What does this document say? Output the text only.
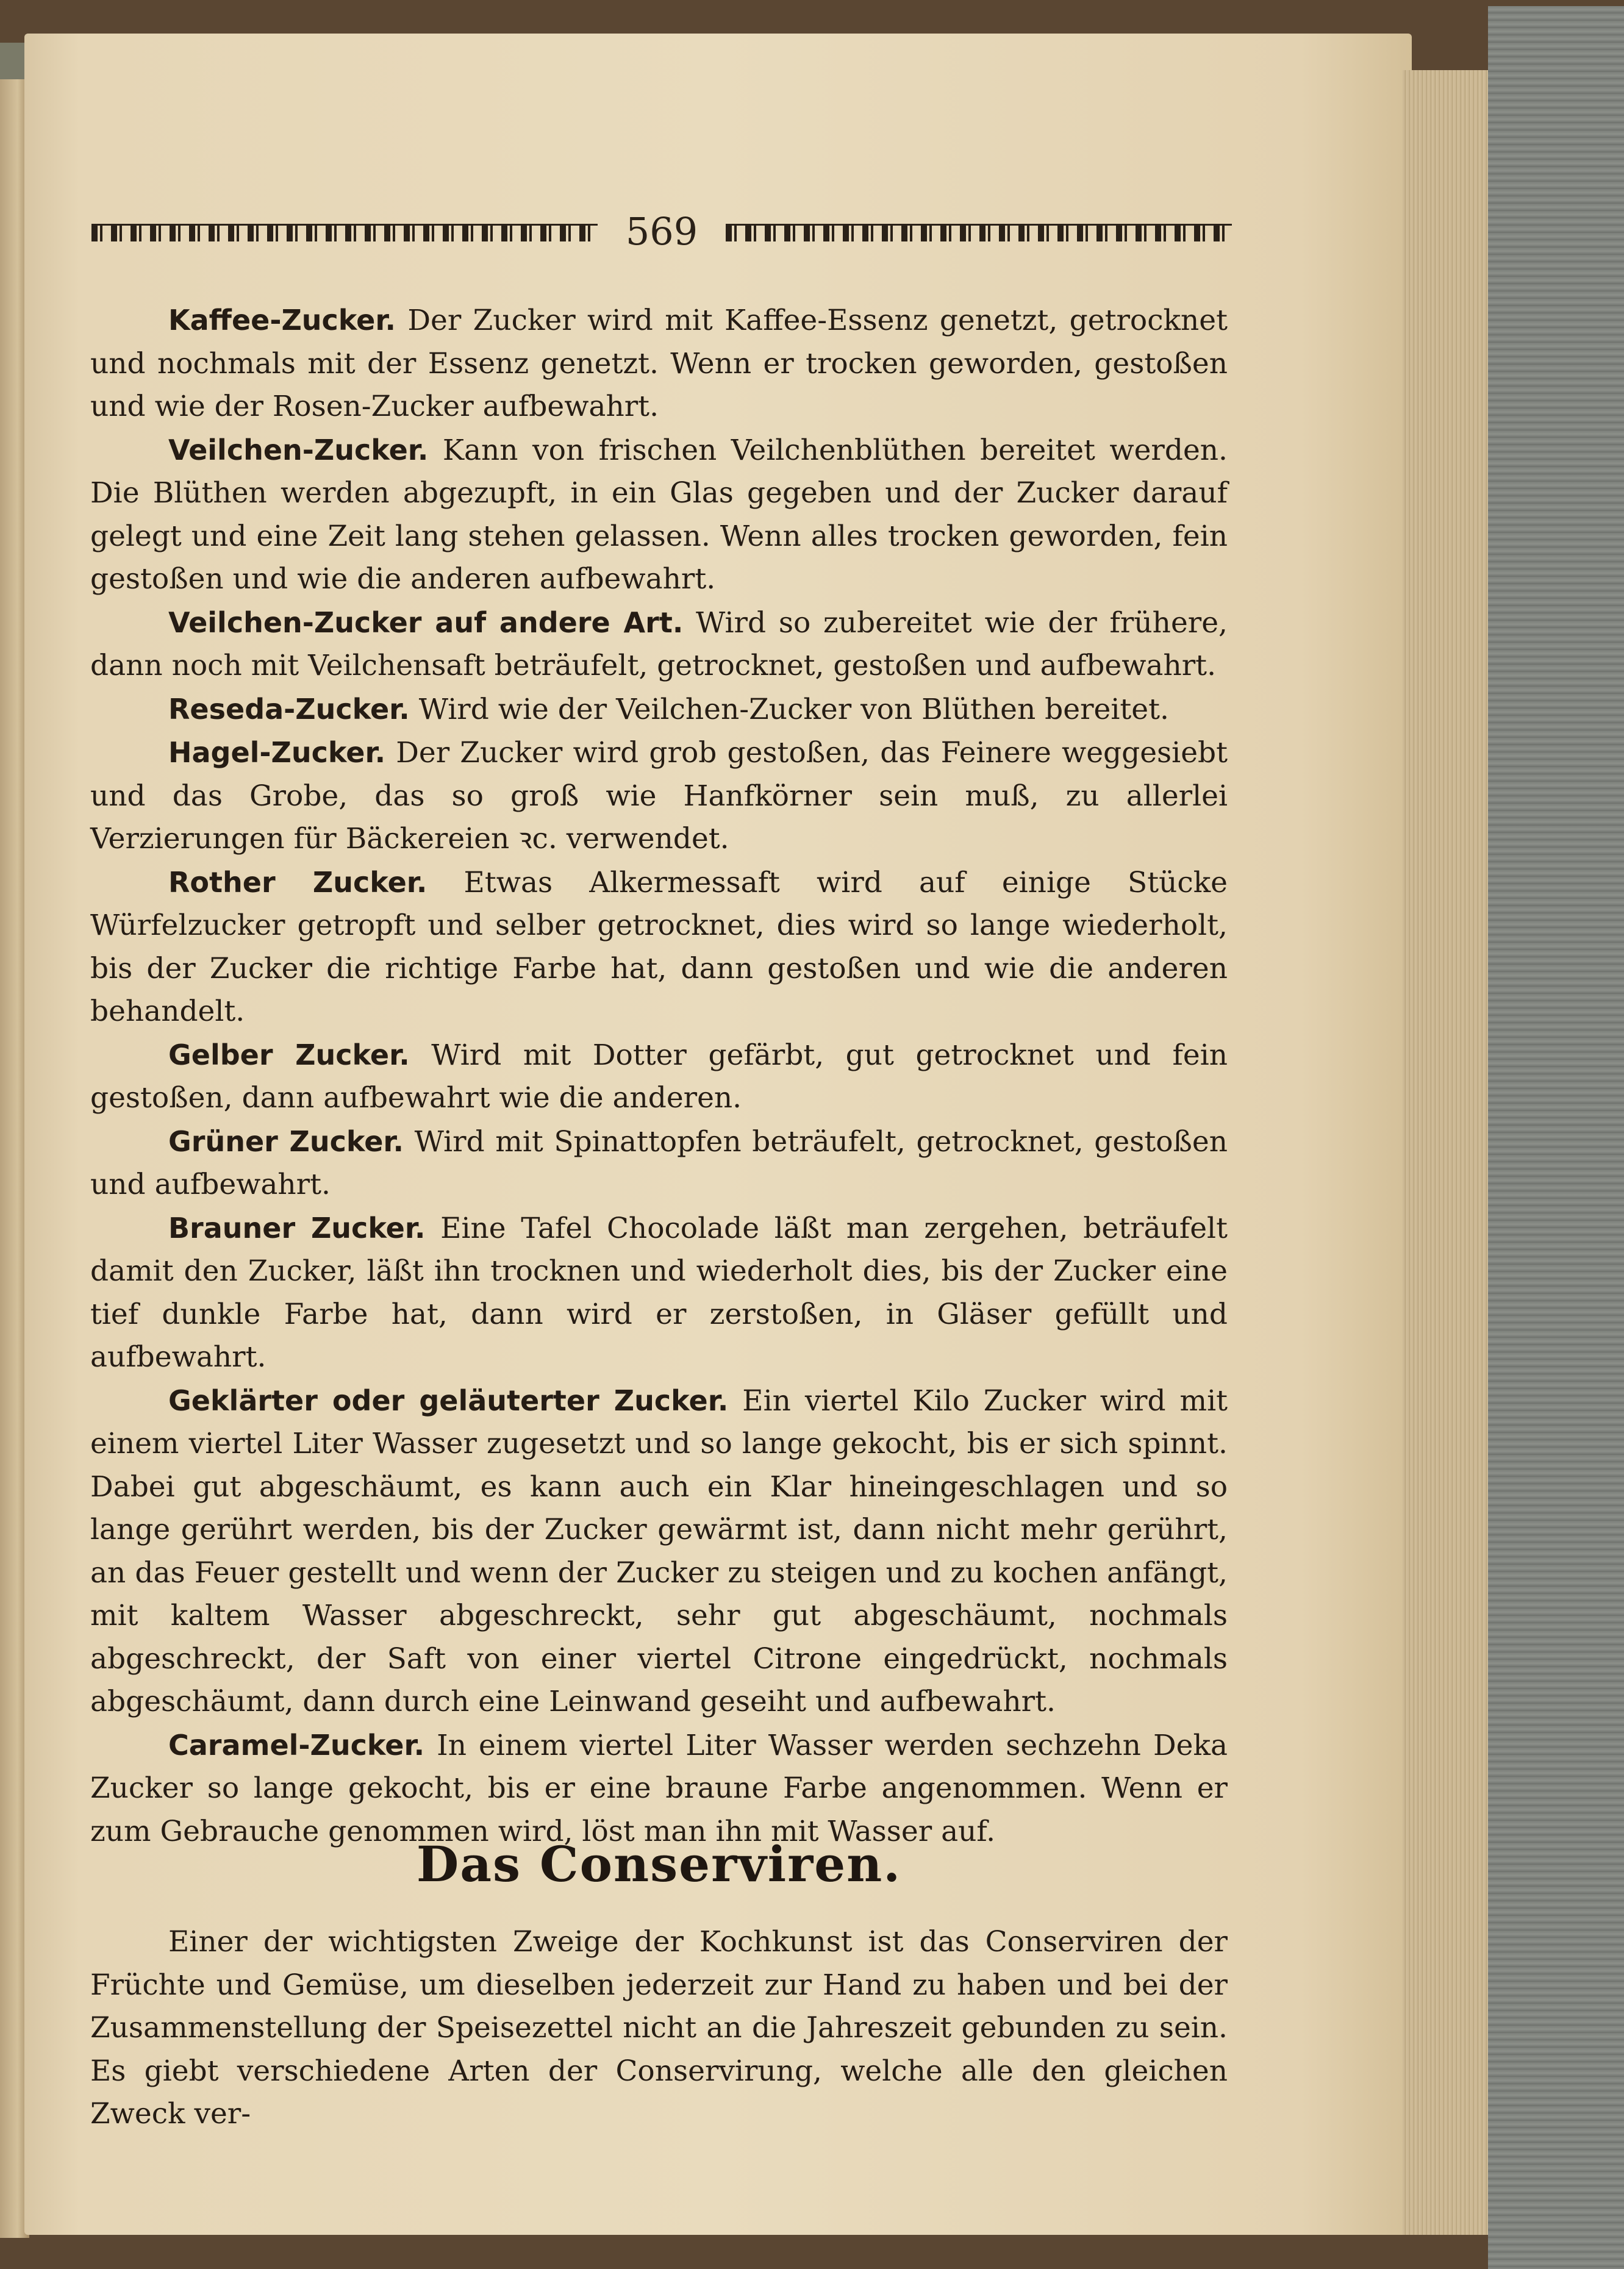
569

Kaffee-Zucker. Der Zucker wird mit Kaffee-Essenz genetzt, getrocknet und nochmals mit der Essenz genetzt. Wenn er trocken geworden, gestoßen und wie der Rosen-Zucker aufbewahrt.

Veilchen-Zucker. Kann von frischen Veilchenblüthen bereitet werden. Die Blüthen werden abgezupft, in ein Glas gegeben und der Zucker darauf gelegt und eine Zeit lang stehen gelassen. Wenn alles trocken geworden, fein gestoßen und wie die anderen aufbewahrt.

Veilchen-Zucker auf andere Art. Wird so zubereitet wie der frühere, dann noch mit Veilchensaft beträufelt, getrocknet, gestoßen und aufbewahrt.

Reseda-Zucker. Wird wie der Veilchen-Zucker von Blüthen bereitet.

Hagel-Zucker. Der Zucker wird grob gestoßen, das Feinere weggesiebt und das Grobe, das so groß wie Hanfkörner sein muß, zu allerlei Verzierungen für Bäckereien ꝛc. verwendet.

Rother Zucker. Etwas Alkermessaft wird auf einige Stücke Würfelzucker getropft und selber getrocknet, dies wird so lange wiederholt, bis der Zucker die richtige Farbe hat, dann gestoßen und wie die anderen behandelt.

Gelber Zucker. Wird mit Dotter gefärbt, gut getrocknet und fein gestoßen, dann aufbewahrt wie die anderen.

Grüner Zucker. Wird mit Spinattopfen beträufelt, getrocknet, gestoßen und aufbewahrt.

Brauner Zucker. Eine Tafel Chocolade läßt man zergehen, beträufelt damit den Zucker, läßt ihn trocknen und wiederholt dies, bis der Zucker eine tief dunkle Farbe hat, dann wird er zerstoßen, in Gläser gefüllt und aufbewahrt.

Geklärter oder geläuterter Zucker. Ein viertel Kilo Zucker wird mit einem viertel Liter Wasser zugesetzt und so lange gekocht, bis er sich spinnt. Dabei gut abgeschäumt, es kann auch ein Klar hineingeschlagen und so lange gerührt werden, bis der Zucker gewärmt ist, dann nicht mehr gerührt, an das Feuer gestellt und wenn der Zucker zu steigen und zu kochen anfängt, mit kaltem Wasser abgeschreckt, sehr gut abgeschäumt, nochmals abgeschreckt, der Saft von einer viertel Citrone eingedrückt, nochmals abgeschäumt, dann durch eine Leinwand geseiht und aufbewahrt.

Caramel-Zucker. In einem viertel Liter Wasser werden sechzehn Deka Zucker so lange gekocht, bis er eine braune Farbe angenommen. Wenn er zum Gebrauche genommen wird, löst man ihn mit Wasser auf.

Das Conserviren.

Einer der wichtigsten Zweige der Kochkunst ist das Conserviren der Früchte und Gemüse, um dieselben jederzeit zur Hand zu haben und bei der Zusammenstellung der Speisezettel nicht an die Jahreszeit gebunden zu sein. Es giebt verschiedene Arten der Conservirung, welche alle den gleichen Zweck ver-
